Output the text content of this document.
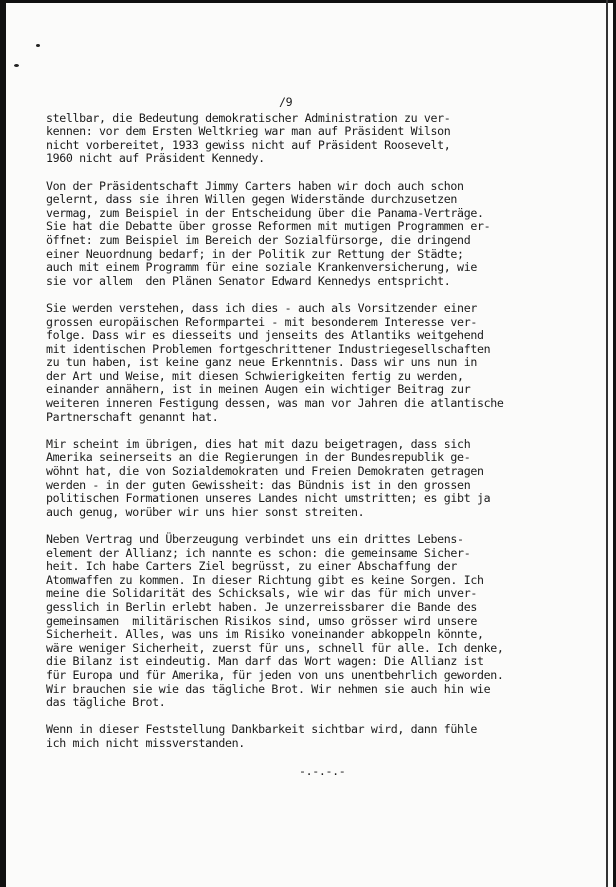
/9
stellbar, die Bedeutung demokratischer Administration zu ver-
kennen: vor dem Ersten Weltkrieg war man auf Präsident Wilson
nicht vorbereitet, 1933 gewiss nicht auf Präsident Roosevelt,
1960 nicht auf Präsident Kennedy.
Von der Präsidentschaft Jimmy Carters haben wir doch auch schon
gelernt, dass sie ihren Willen gegen Widerstände durchzusetzen
vermag, zum Beispiel in der Entscheidung über die Panama-Verträge.
Sie hat die Debatte über grosse Reformen mit mutigen Programmen er-
öffnet: zum Beispiel im Bereich der Sozialfürsorge, die dringend
einer Neuordnung bedarf; in der Politik zur Rettung der Städte;
auch mit einem Programm für eine soziale Krankenversicherung, wie
sie vor allem  den Plänen Senator Edward Kennedys entspricht.
Sie werden verstehen, dass ich dies - auch als Vorsitzender einer
grossen europäischen Reformpartei - mit besonderem Interesse ver-
folge. Dass wir es diesseits und jenseits des Atlantiks weitgehend
mit identischen Problemen fortgeschrittener Industriegesellschaften
zu tun haben, ist keine ganz neue Erkenntnis. Dass wir uns nun in
der Art und Weise, mit diesen Schwierigkeiten fertig zu werden,
einander annähern, ist in meinen Augen ein wichtiger Beitrag zur
weiteren inneren Festigung dessen, was man vor Jahren die atlantische
Partnerschaft genannt hat.
Mir scheint im übrigen, dies hat mit dazu beigetragen, dass sich
Amerika seinerseits an die Regierungen in der Bundesrepublik ge-
wöhnt hat, die von Sozialdemokraten und Freien Demokraten getragen
werden - in der guten Gewissheit: das Bündnis ist in den grossen
politischen Formationen unseres Landes nicht umstritten; es gibt ja
auch genug, worüber wir uns hier sonst streiten.
Neben Vertrag und Überzeugung verbindet uns ein drittes Lebens-
element der Allianz; ich nannte es schon: die gemeinsame Sicher-
heit. Ich habe Carters Ziel begrüsst, zu einer Abschaffung der
Atomwaffen zu kommen. In dieser Richtung gibt es keine Sorgen. Ich
meine die Solidarität des Schicksals, wie wir das für mich unver-
gesslich in Berlin erlebt haben. Je unzerreissbarer die Bande des
gemeinsamen  militärischen Risikos sind, umso grösser wird unsere
Sicherheit. Alles, was uns im Risiko voneinander abkoppeln könnte,
wäre weniger Sicherheit, zuerst für uns, schnell für alle. Ich denke,
die Bilanz ist eindeutig. Man darf das Wort wagen: Die Allianz ist
für Europa und für Amerika, für jeden von uns unentbehrlich geworden.
Wir brauchen sie wie das tägliche Brot. Wir nehmen sie auch hin wie
das tägliche Brot.
Wenn in dieser Feststellung Dankbarkeit sichtbar wird, dann fühle
ich mich nicht missverstanden.
-.-.-.-
